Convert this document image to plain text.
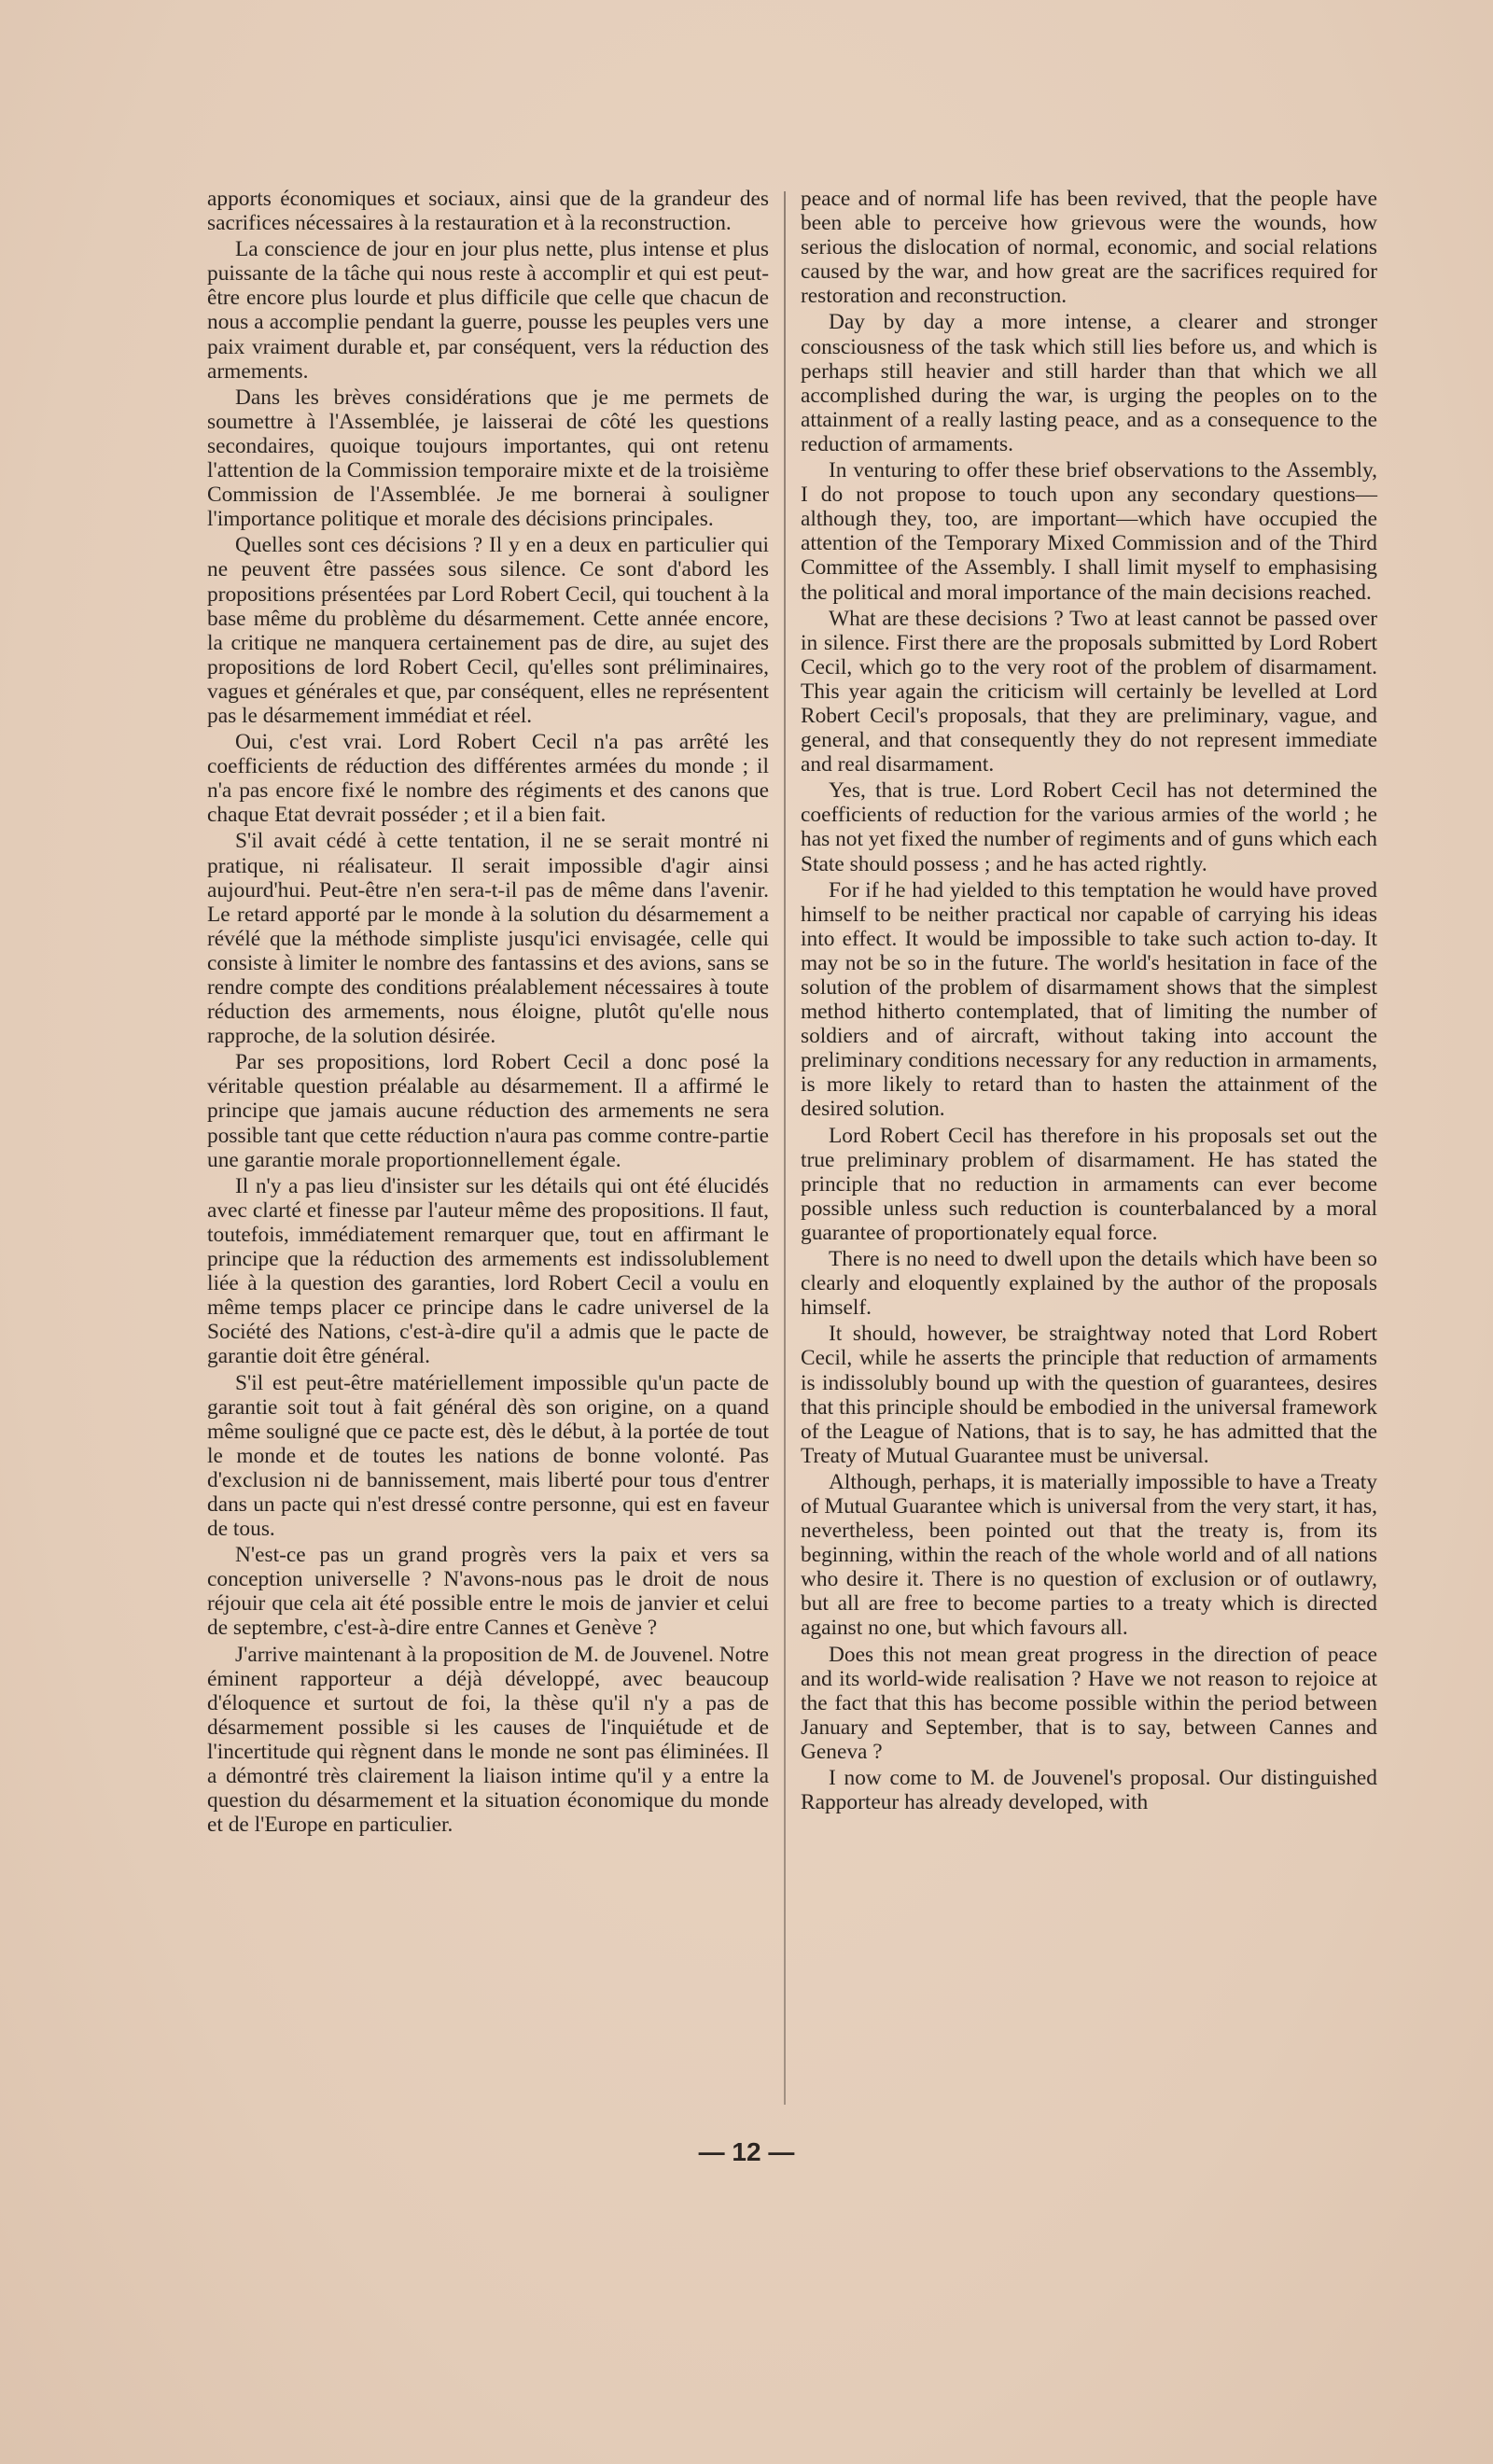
apports économiques et sociaux, ainsi que de la grandeur des sacrifices nécessaires à la restauration et à la reconstruction.

La conscience de jour en jour plus nette, plus intense et plus puissante de la tâche qui nous reste à accomplir et qui est peut-être encore plus lourde et plus difficile que celle que chacun de nous a accomplie pendant la guerre, pousse les peuples vers une paix vraiment durable et, par conséquent, vers la réduction des armements.

Dans les brèves considérations que je me permets de soumettre à l'Assemblée, je laisserai de côté les questions secondaires, quoique toujours importantes, qui ont retenu l'attention de la Commission temporaire mixte et de la troisième Commission de l'Assemblée. Je me bornerai à souligner l'importance politique et morale des décisions principales.

Quelles sont ces décisions ? Il y en a deux en particulier qui ne peuvent être passées sous silence. Ce sont d'abord les propositions présentées par Lord Robert Cecil, qui touchent à la base même du problème du désarmement. Cette année encore, la critique ne manquera certainement pas de dire, au sujet des propositions de lord Robert Cecil, qu'elles sont préliminaires, vagues et générales et que, par conséquent, elles ne représentent pas le désarmement immédiat et réel.

Oui, c'est vrai. Lord Robert Cecil n'a pas arrêté les coefficients de réduction des différentes armées du monde ; il n'a pas encore fixé le nombre des régiments et des canons que chaque Etat devrait posséder ; et il a bien fait.

S'il avait cédé à cette tentation, il ne se serait montré ni pratique, ni réalisateur. Il serait impossible d'agir ainsi aujourd'hui. Peut-être n'en sera-t-il pas de même dans l'avenir. Le retard apporté par le monde à la solution du désarmement a révélé que la méthode simpliste jusqu'ici envisagée, celle qui consiste à limiter le nombre des fantassins et des avions, sans se rendre compte des conditions préalablement nécessaires à toute réduction des armements, nous éloigne, plutôt qu'elle nous rapproche, de la solution désirée.

Par ses propositions, lord Robert Cecil a donc posé la véritable question préalable au désarmement. Il a affirmé le principe que jamais aucune réduction des armements ne sera possible tant que cette réduction n'aura pas comme contre-partie une garantie morale proportionnellement égale.

Il n'y a pas lieu d'insister sur les détails qui ont été élucidés avec clarté et finesse par l'auteur même des propositions. Il faut, toutefois, immédiatement remarquer que, tout en affirmant le principe que la réduction des armements est indissolublement liée à la question des garanties, lord Robert Cecil a voulu en même temps placer ce principe dans le cadre universel de la Société des Nations, c'est-à-dire qu'il a admis que le pacte de garantie doit être général.

S'il est peut-être matériellement impossible qu'un pacte de garantie soit tout à fait général dès son origine, on a quand même souligné que ce pacte est, dès le début, à la portée de tout le monde et de toutes les nations de bonne volonté. Pas d'exclusion ni de bannissement, mais liberté pour tous d'entrer dans un pacte qui n'est dressé contre personne, qui est en faveur de tous.

N'est-ce pas un grand progrès vers la paix et vers sa conception universelle ? N'avons-nous pas le droit de nous réjouir que cela ait été possible entre le mois de janvier et celui de septembre, c'est-à-dire entre Cannes et Genève ?

J'arrive maintenant à la proposition de M. de Jouvenel. Notre éminent rapporteur a déjà développé, avec beaucoup d'éloquence et surtout de foi, la thèse qu'il n'y a pas de désarmement possible si les causes de l'inquiétude et de l'incertitude qui règnent dans le monde ne sont pas éliminées. Il a démontré très clairement la liaison intime qu'il y a entre la question du désarmement et la situation économique du monde et de l'Europe en particulier.

peace and of normal life has been revived, that the people have been able to perceive how grievous were the wounds, how serious the dislocation of normal, economic, and social relations caused by the war, and how great are the sacrifices required for restoration and reconstruction.

Day by day a more intense, a clearer and stronger consciousness of the task which still lies before us, and which is perhaps still heavier and still harder than that which we all accomplished during the war, is urging the peoples on to the attainment of a really lasting peace, and as a consequence to the reduction of armaments.

In venturing to offer these brief observations to the Assembly, I do not propose to touch upon any secondary questions—although they, too, are important—which have occupied the attention of the Temporary Mixed Commission and of the Third Committee of the Assembly. I shall limit myself to emphasising the political and moral importance of the main decisions reached.

What are these decisions ? Two at least cannot be passed over in silence. First there are the proposals submitted by Lord Robert Cecil, which go to the very root of the problem of disarmament. This year again the criticism will certainly be levelled at Lord Robert Cecil's proposals, that they are preliminary, vague, and general, and that consequently they do not represent immediate and real disarmament.

Yes, that is true. Lord Robert Cecil has not determined the coefficients of reduction for the various armies of the world ; he has not yet fixed the number of regiments and of guns which each State should possess ; and he has acted rightly.

For if he had yielded to this temptation he would have proved himself to be neither practical nor capable of carrying his ideas into effect. It would be impossible to take such action to-day. It may not be so in the future. The world's hesitation in face of the solution of the problem of disarmament shows that the simplest method hitherto contemplated, that of limiting the number of soldiers and of aircraft, without taking into account the preliminary conditions necessary for any reduction in armaments, is more likely to retard than to hasten the attainment of the desired solution.

Lord Robert Cecil has therefore in his proposals set out the true preliminary problem of disarmament. He has stated the principle that no reduction in armaments can ever become possible unless such reduction is counterbalanced by a moral guarantee of proportionately equal force.

There is no need to dwell upon the details which have been so clearly and eloquently explained by the author of the proposals himself.

It should, however, be straightway noted that Lord Robert Cecil, while he asserts the principle that reduction of armaments is indissolubly bound up with the question of guarantees, desires that this principle should be embodied in the universal framework of the League of Nations, that is to say, he has admitted that the Treaty of Mutual Guarantee must be universal.

Although, perhaps, it is materially impossible to have a Treaty of Mutual Guarantee which is universal from the very start, it has, nevertheless, been pointed out that the treaty is, from its beginning, within the reach of the whole world and of all nations who desire it. There is no question of exclusion or of outlawry, but all are free to become parties to a treaty which is directed against no one, but which favours all.

Does this not mean great progress in the direction of peace and its world-wide realisation ? Have we not reason to rejoice at the fact that this has become possible within the period between January and September, that is to say, between Cannes and Geneva ?

I now come to M. de Jouvenel's proposal. Our distinguished Rapporteur has already developed, with

— 12 —
